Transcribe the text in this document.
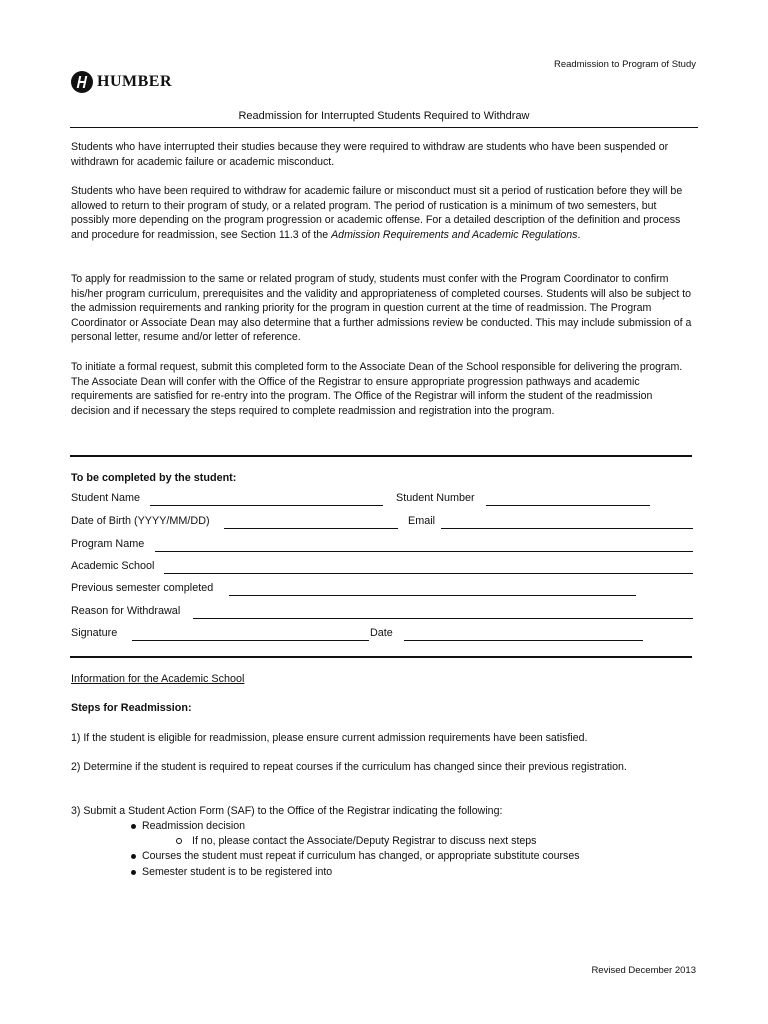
Readmission to Program of Study
HUMBER
Readmission for Interrupted Students Required to Withdraw

Students who have interrupted their studies because they were required to withdraw are students who have been suspended or withdrawn for academic failure or academic misconduct.

Students who have been required to withdraw for academic failure or misconduct must sit a period of rustication before they will be allowed to return to their program of study, or a related program. The period of rustication is a minimum of two semesters, but possibly more depending on the program progression or academic offense. For a detailed description of the definition and process and procedure for readmission, see Section 11.3 of the Admission Requirements and Academic Regulations.

To apply for readmission to the same or related program of study, students must confer with the Program Coordinator to confirm his/her program curriculum, prerequisites and the validity and appropriateness of completed courses. Students will also be subject to the admission requirements and ranking priority for the program in question current at the time of readmission. The Program Coordinator or Associate Dean may also determine that a further admissions review be conducted. This may include submission of a personal letter, resume and/or letter of reference.

To initiate a formal request, submit this completed form to the Associate Dean of the School responsible for delivering the program. The Associate Dean will confer with the Office of the Registrar to ensure appropriate progression pathways and academic requirements are satisfied for re-entry into the program. The Office of the Registrar will inform the student of the readmission decision and if necessary the steps required to complete readmission and registration into the program.

To be completed by the student:
Student Name	Student Number
Date of Birth (YYYY/MM/DD)	Email
Program Name
Academic School
Previous semester completed
Reason for Withdrawal
Signature	Date
Information for the Academic School
Steps for Readmission:

1) If the student is eligible for readmission, please ensure current admission requirements have been satisfied.

2) Determine if the student is required to repeat courses if the curriculum has changed since their previous registration.

3) Submit a Student Action Form (SAF) to the Office of the Registrar indicating the following:

Readmission decision
If no, please contact the Associate/Deputy Registrar to discuss next steps
Courses the student must repeat if curriculum has changed, or appropriate substitute courses
Semester student is to be registered into
Revised December 2013
